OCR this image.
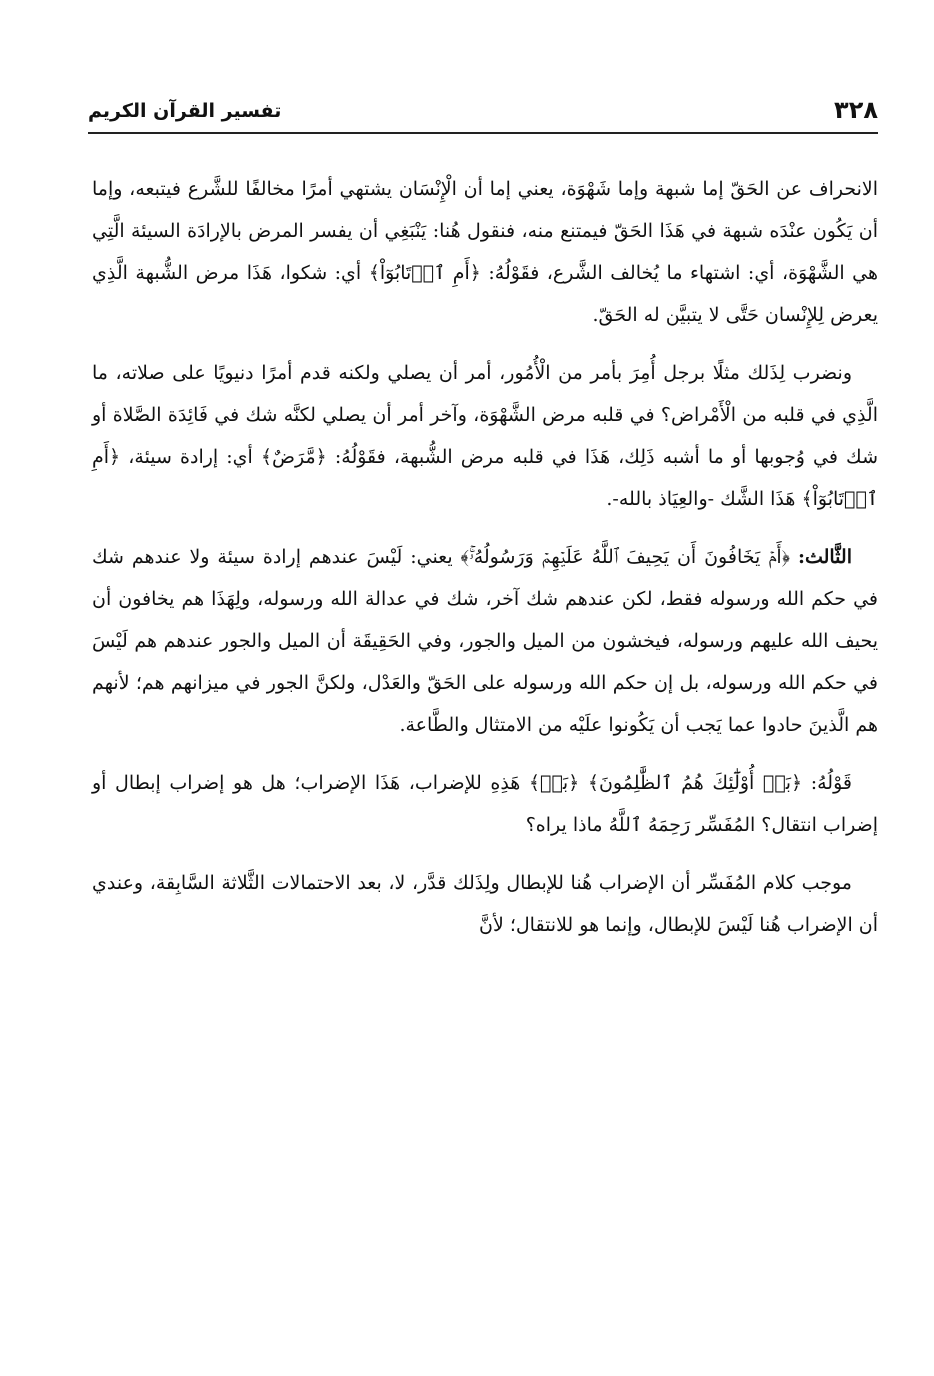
٣٢٨
تفسير القرآن الكريم

الانحراف عن الحَقّ إما شبهة وإما شَهْوَة، يعني إما أن الْإِنْسَان يشتهي أمرًا مخالفًا للشَّرع فيتبعه، وإما أن يَكُون عنْدَه شبهة في هَذَا الحَقّ فيمتنع منه، فنقول هُنا: يَنْبَغِي أن يفسر المرض بالإرادَة السيئة الَّتِي هي الشَّهْوَة، أي: اشتهاء ما يُخالف الشَّرع، فقَوْلُهُ: ﴿أَمِ ٱرۡتَابُوٓاْ﴾ أي: شكوا، هَذَا مرض الشُّبهة الَّذِي يعرض لِلإِنْسان حَتَّى لا يتبيَّن له الحَقّ.

ونضرب لِذَلك مثلًا برجل أُمِرَ بأمر من الْأُمُور، أمر أن يصلي ولكنه قدم أمرًا دنيويًا على صلاته، ما الَّذِي في قلبه من الْأَمْراض؟ في قلبه مرض الشَّهْوَة، وآخر أمر أن يصلي لكنَّه شك في فَائِدَة الصَّلاة أو شك في وُجوبها أو ما أشبه ذَلِك، هَذَا في قلبه مرض الشُّبهة، فقَوْلُهُ: ﴿مَّرَضٌ﴾ أي: إرادة سيئة، ﴿أَمِ ٱرۡتَابُوٓاْ﴾ هَذَا الشَّك -والعِيَاذ بالله-.

الثَّالث: ﴿أَمۡ يَخَافُونَ أَن يَحِيفَ ٱللَّهُ عَلَيۡهِمۡ وَرَسُولُهُۥۚ﴾ يعني: لَيْسَ عندهم إرادة سيئة ولا عندهم شك في حكم الله ورسوله فقط، لكن عندهم شك آخر، شك في عدالة الله ورسوله، ولِهَذَا هم يخافون أن يحيف الله عليهم ورسوله، فيخشون من الميل والجور، وفي الحَقِيقَة أن الميل والجور عندهم هم لَيْسَ في حكم الله ورسوله، بل إن حكم الله ورسوله على الحَقّ والعَدْل، ولكنَّ الجور في ميزانهم هم؛ لأنهم هم الَّذينَ حادوا عما يَجب أن يَكُونوا علَيْه من الامتثال والطَّاعة.

قَوْلُهُ: ﴿بَلۡ أُوْلَٰٓئِكَ هُمُ ٱلظَّٰلِمُونَ﴾ ﴿بَلۡ﴾ هَذِهِ للإضراب، هَذَا الإضراب؛ هل هو إضراب إبطال أو إضراب انتقال؟ المُفَسِّر رَحِمَهُ ٱللَّهُ ماذا يراه؟

موجب كلام المُفَسِّر أن الإضراب هُنا للإبطال ولِذَلك قدَّر، لا، بعد الاحتمالات الثَّلاثة السَّابِقة، وعندي أن الإضراب هُنا لَيْسَ للإبطال، وإنما هو للانتقال؛ لأنَّ
